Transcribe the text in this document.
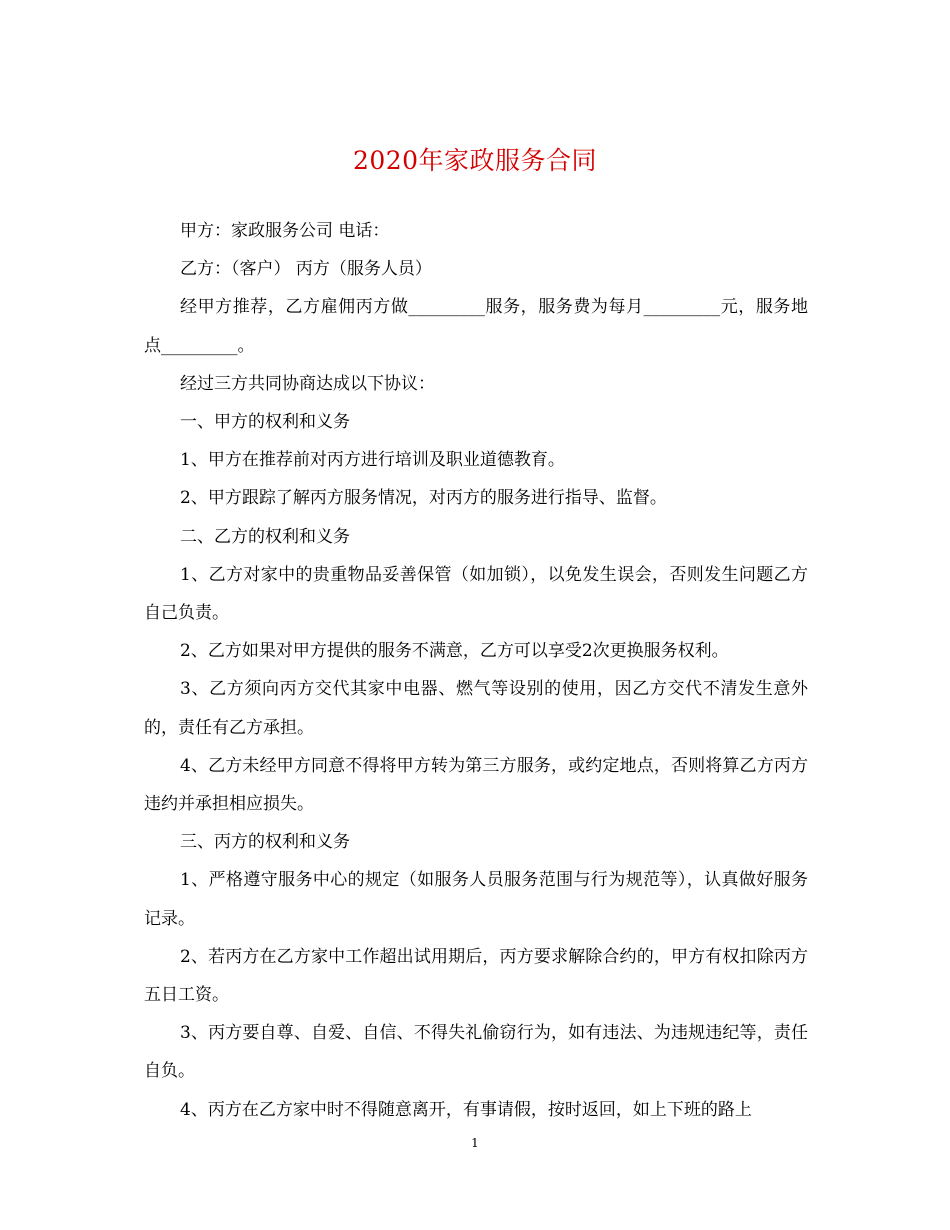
2020年家政服务合同

甲方：家政服务公司 电话：

乙方：（客户） 丙方（服务人员）

经甲方推荐，乙方雇佣丙方做_________服务，服务费为每月_________元，服务地点_________。

经过三方共同协商达成以下协议：

一、甲方的权利和义务

1、甲方在推荐前对丙方进行培训及职业道德教育。

2、甲方跟踪了解丙方服务情况，对丙方的服务进行指导、监督。

二、乙方的权利和义务

1、乙方对家中的贵重物品妥善保管（如加锁），以免发生误会，否则发生问题乙方自己负责。

2、乙方如果对甲方提供的服务不满意，乙方可以享受2次更换服务权利。

3、乙方须向丙方交代其家中电器、燃气等设别的使用，因乙方交代不清发生意外的，责任有乙方承担。

4、乙方未经甲方同意不得将甲方转为第三方服务，或约定地点，否则将算乙方丙方违约并承担相应损失。

三、丙方的权利和义务

1、严格遵守服务中心的规定（如服务人员服务范围与行为规范等），认真做好服务记录。

2、若丙方在乙方家中工作超出试用期后，丙方要求解除合约的，甲方有权扣除丙方五日工资。

3、丙方要自尊、自爱、自信、不得失礼偷窃行为，如有违法、为违规违纪等，责任自负。

4、丙方在乙方家中时不得随意离开，有事请假，按时返回，如上下班的路上

1
